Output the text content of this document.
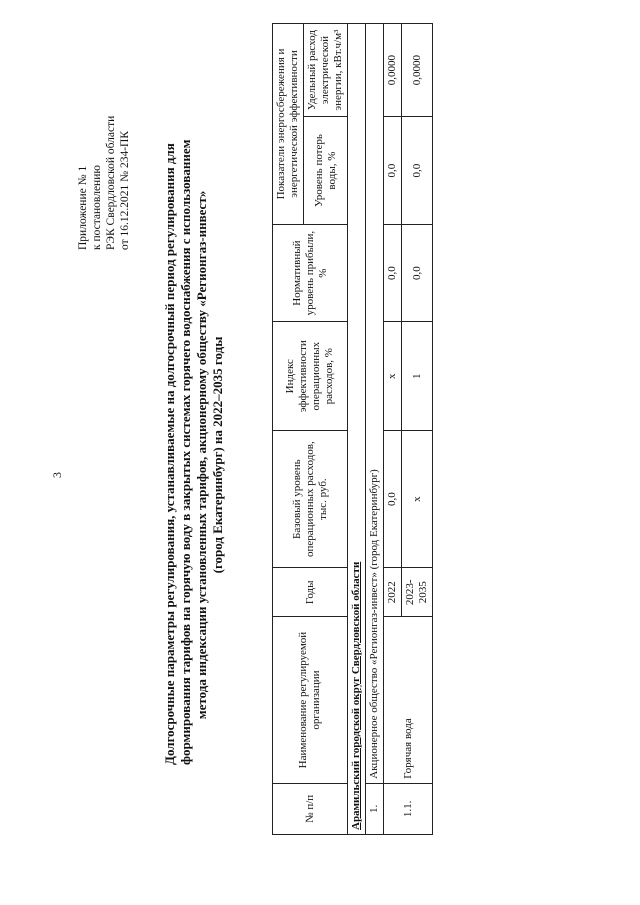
3
Приложение № 1 к постановлению РЭК Свердловской области от 16.12.2021 № 234-ПК Долгосрочные параметры регулирования, устанавливаемые на долгосрочный период регулирования для формирования тарифов на горячую воду в закрытых системах горячего водоснабжения с использованием метода индексации установленных тарифов, акционерному обществу «Регионгаз-инвест» (город Екатеринбург) на 2022–2035 годы
№ п/п	Наименование регулируемой организации	Годы	Базовый уровень операционных расходов, тыс. руб.	Индекс эффективности операционных расходов, %	Нормативный уровень прибыли, %	Показатели энергосбережения и энергетической эффективности	
						Уровень потерь воды, %	Удельный расход электрической энергии, кВт.ч/м³
Арамильский городской округ Свердловской области							
1.	Акционерное общество «Регионгаз-инвест» (город Екатеринбург)						
1.1.	Горячая вода	2022	0,0	х	0,0	0,0	0,0000
		2023-2035	х	1	0,0	0,0	0,0000
